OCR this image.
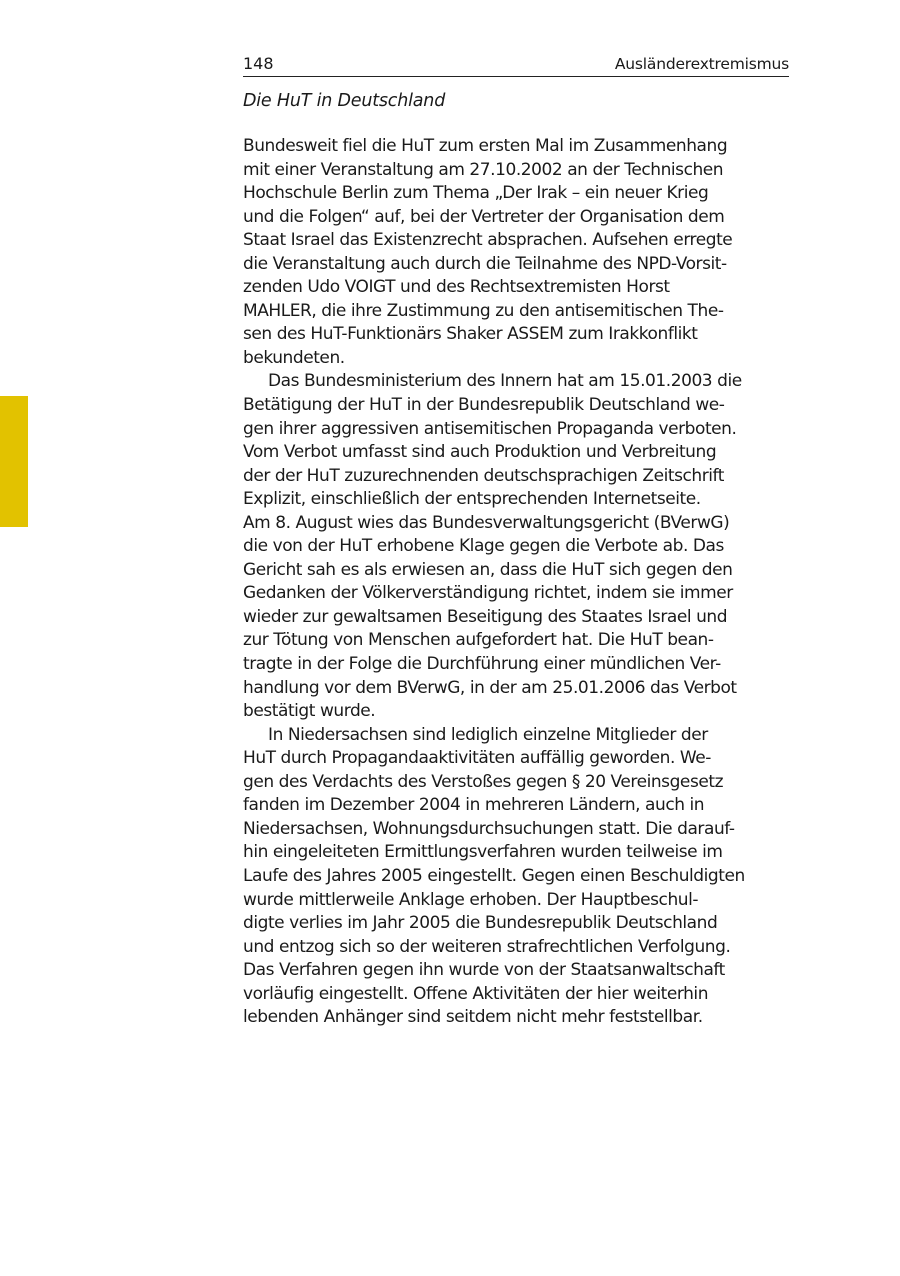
148	Ausländerextremismus
Die HuT in Deutschland
Bundesweit fiel die HuT zum ersten Mal im Zusammenhang
mit einer Veranstaltung am 27.10.2002 an der Technischen
Hochschule Berlin zum Thema „Der Irak – ein neuer Krieg
und die Folgen“ auf, bei der Vertreter der Organisation dem
Staat Israel das Existenzrecht absprachen. Aufsehen erregte
die Veranstaltung auch durch die Teilnahme des NPD-Vorsit-
zenden Udo VOIGT und des Rechtsextremisten Horst
MAHLER, die ihre Zustimmung zu den antisemitischen The-
sen des HuT-Funktionärs Shaker ASSEM zum Irakkonflikt
bekundeten.
Das Bundesministerium des Innern hat am 15.01.2003 die
Betätigung der HuT in der Bundesrepublik Deutschland we-
gen ihrer aggressiven antisemitischen Propaganda verboten.
Vom Verbot umfasst sind auch Produktion und Verbreitung
der der HuT zuzurechnenden deutschsprachigen Zeitschrift
Explizit, einschließlich der entsprechenden Internetseite.
Am 8. August wies das Bundesverwaltungsgericht (BVerwG)
die von der HuT erhobene Klage gegen die Verbote ab. Das
Gericht sah es als erwiesen an, dass die HuT sich gegen den
Gedanken der Völkerverständigung richtet, indem sie immer
wieder zur gewaltsamen Beseitigung des Staates Israel und
zur Tötung von Menschen aufgefordert hat. Die HuT bean-
tragte in der Folge die Durchführung einer mündlichen Ver-
handlung vor dem BVerwG, in der am 25.01.2006 das Verbot
bestätigt wurde.
In Niedersachsen sind lediglich einzelne Mitglieder der
HuT durch Propagandaaktivitäten auffällig geworden. We-
gen des Verdachts des Verstoßes gegen § 20 Vereinsgesetz
fanden im Dezember 2004 in mehreren Ländern, auch in
Niedersachsen, Wohnungsdurchsuchungen statt. Die darauf-
hin eingeleiteten Ermittlungsverfahren wurden teilweise im
Laufe des Jahres 2005 eingestellt. Gegen einen Beschuldigten
wurde mittlerweile Anklage erhoben. Der Hauptbeschul-
digte verlies im Jahr 2005 die Bundesrepublik Deutschland
und entzog sich so der weiteren strafrechtlichen Verfolgung.
Das Verfahren gegen ihn wurde von der Staatsanwaltschaft
vorläufig eingestellt. Offene Aktivitäten der hier weiterhin
lebenden Anhänger sind seitdem nicht mehr feststellbar.
